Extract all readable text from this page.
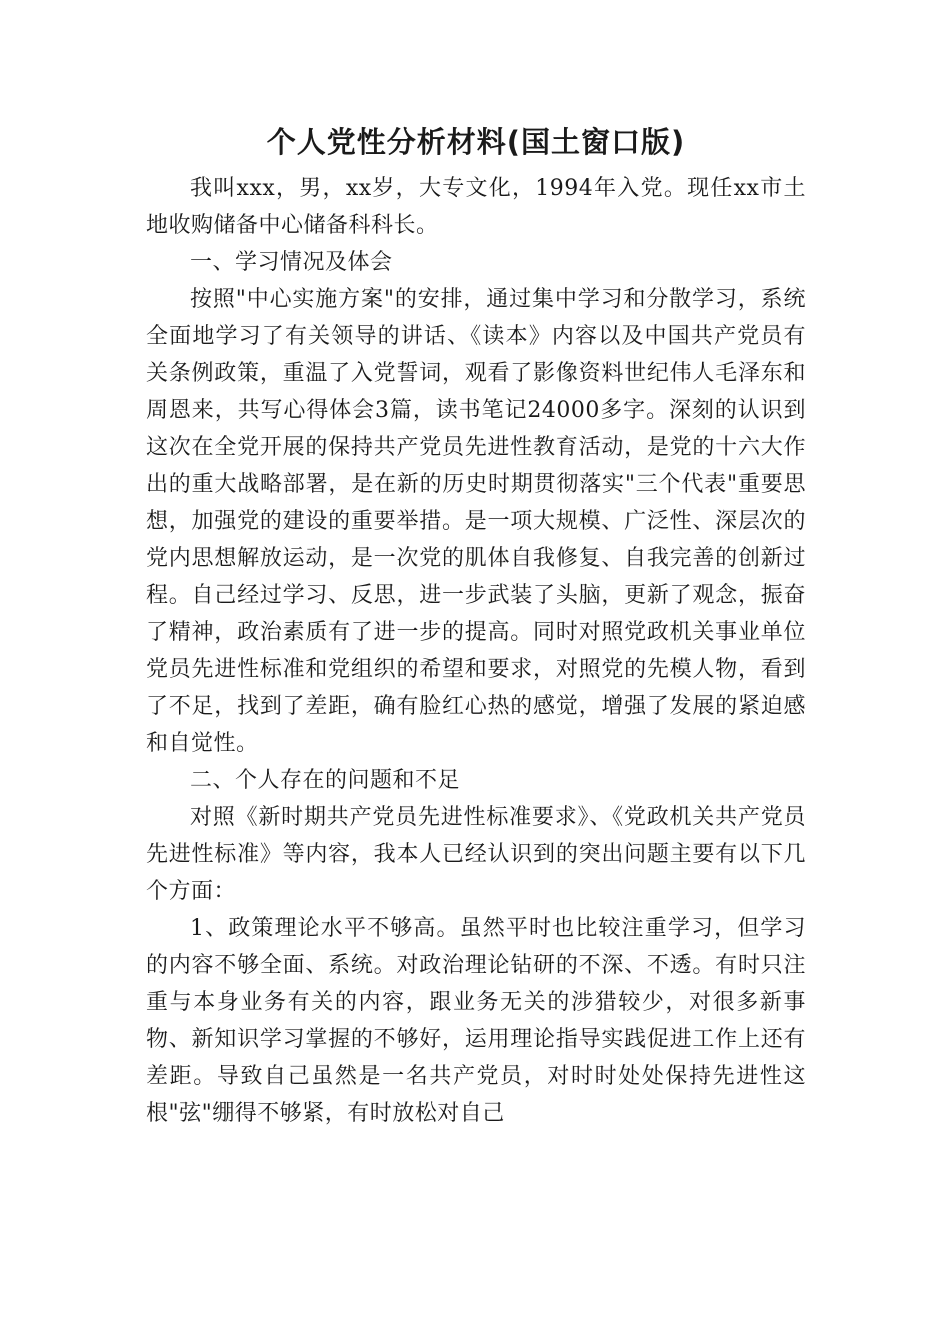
个人党性分析材料(国土窗口版)

我叫xxx，男，xx岁，大专文化，1994年入党。现任xx市土地收购储备中心储备科科长。

一、学习情况及体会

按照"中心实施方案"的安排，通过集中学习和分散学习，系统全面地学习了有关领导的讲话、《读本》内容以及中国共产党员有关条例政策，重温了入党誓词，观看了影像资料世纪伟人毛泽东和周恩来，共写心得体会3篇，读书笔记24000多字。深刻的认识到这次在全党开展的保持共产党员先进性教育活动，是党的十六大作出的重大战略部署，是在新的历史时期贯彻落实"三个代表"重要思想，加强党的建设的重要举措。是一项大规模、广泛性、深层次的党内思想解放运动，是一次党的肌体自我修复、自我完善的创新过程。自己经过学习、反思，进一步武装了头脑，更新了观念，振奋了精神，政治素质有了进一步的提高。同时对照党政机关事业单位党员先进性标准和党组织的希望和要求，对照党的先模人物，看到了不足，找到了差距，确有脸红心热的感觉，增强了发展的紧迫感和自觉性。

二、个人存在的问题和不足

对照《新时期共产党员先进性标准要求》、《党政机关共产党员先进性标准》等内容，我本人已经认识到的突出问题主要有以下几个方面：

1、政策理论水平不够高。虽然平时也比较注重学习，但学习的内容不够全面、系统。对政治理论钻研的不深、不透。有时只注重与本身业务有关的内容，跟业务无关的涉猎较少，对很多新事物、新知识学习掌握的不够好，运用理论指导实践促进工作上还有差距。导致自己虽然是一名共产党员，对时时处处保持先进性这根"弦"绷得不够紧，有时放松对自己
